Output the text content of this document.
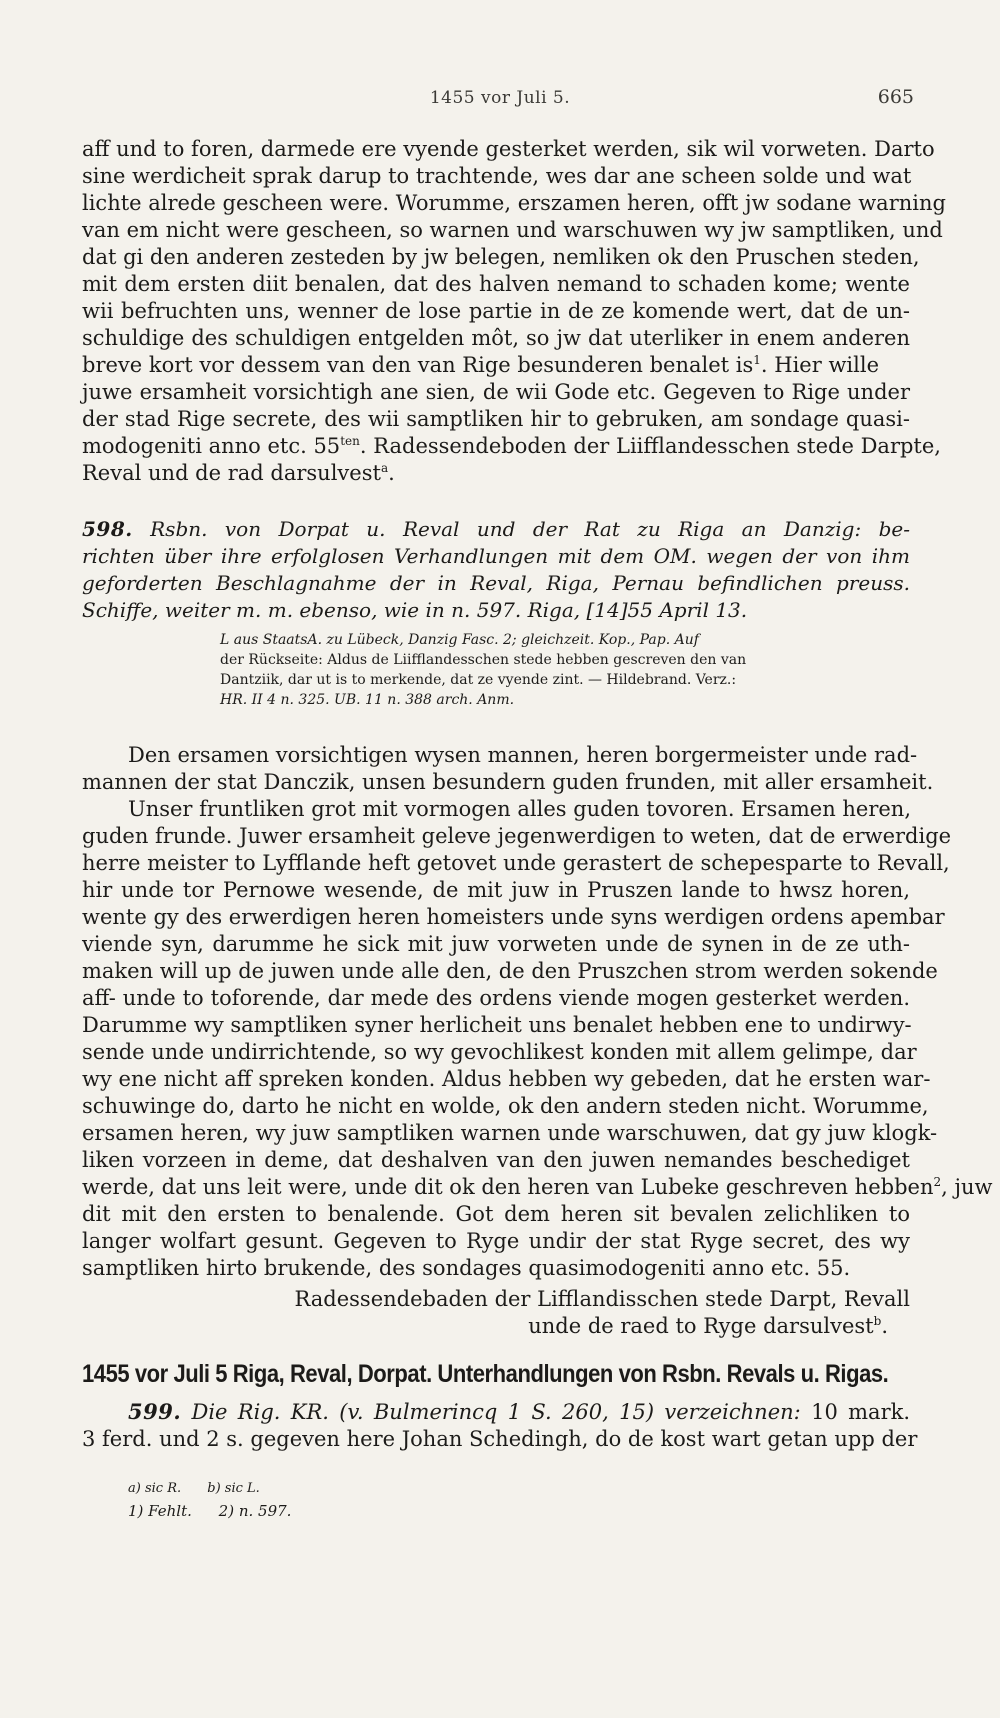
1455 vor Juli 5.	665
aff und to foren, darmede ere vyende gesterket werden, sik wil vorweten. Darto
sine werdicheit sprak darup to trachtende, wes dar ane scheen solde und wat
lichte alrede gescheen were. Worumme, erszamen heren, offt jw sodane warning
van em nicht were gescheen, so warnen und warschuwen wy jw samptliken, und
dat gi den anderen zesteden by jw belegen, nemliken ok den Pruschen steden,
mit dem ersten diit benalen, dat des halven nemand to schaden kome; wente
wii befruchten uns, wenner de lose partie in de ze komende wert, dat de un-
schuldige des schuldigen entgelden môt, so jw dat uterliker in enem anderen
breve kort vor dessem van den van Rige besunderen benalet $is^1$. Hier wille
juwe ersamheit vorsichtigh ane sien, de wii Gode etc. Gegeven to Rige under
der stad Rige secrete, des wii samptliken hir to gebruken, am sondage quasi-
modogeniti anno etc. $55^{ten}$. Radessendeboden der Liifflandesschen stede Darpte,
Reval und de rad darsulvest$^a$.
598. Rsbn. von Dorpat u. Reval und der Rat zu Riga an Danzig: be-
richten über ihre erfolglosen Verhandlungen mit dem OM. wegen der von ihm
geforderten Beschlagnahme der in Reval, Riga, Pernau befindlichen preuss.
Schiffe, weiter m. m. ebenso, wie in n. 597. Riga, [14]55 April 13.
L aus StaatsA. zu Lübeck, Danzig Fasc. 2; gleichzeit. Kop., Pap. Auf
der Rückseite: Aldus de Liifflandesschen stede hebben gescreven den van
Dantziik, dar ut is to merkende, dat ze vyende zint. — Hildebrand. Verz.:
HR. II 4 n. 325. UB. 11 n. 388 arch. Anm.
Den ersamen vorsichtigen wysen mannen, heren borgermeister unde rad-
mannen der stat Danczik, unsen besundern guden frunden, mit aller ersamheit.
Unser fruntliken grot mit vormogen alles guden tovoren. Ersamen heren,
guden frunde. Juwer ersamheit geleve jegenwerdigen to weten, dat de erwerdige
herre meister to Lyfflande heft getovet unde gerastert de schepesparte to Revall,
hir unde tor Pernowe wesende, de mit juw in Pruszen lande to hwsz horen,
wente gy des erwerdigen heren homeisters unde syns werdigen ordens apembar
viende syn, darumme he sick mit juw vorweten unde de synen in de ze uth-
maken will up de juwen unde alle den, de den Pruszchen strom werden sokende
aff- unde to toforende, dar mede des ordens viende mogen gesterket werden.
Darumme wy samptliken syner herlicheit uns benalet hebben ene to undirwy-
sende unde undirrichtende, so wy gevochlikest konden mit allem gelimpe, dar
wy ene nicht aff spreken konden. Aldus hebben wy gebeden, dat he ersten war-
schuwinge do, darto he nicht en wolde, ok den andern steden nicht. Worumme,
ersamen heren, wy juw samptliken warnen unde warschuwen, dat gy juw klogk-
liken vorzeen in deme, dat deshalven van den juwen nemandes beschediget
werde, dat uns leit were, unde dit ok den heren van Lubeke geschreven hebben$^2$, juw
dit mit den ersten to benalende. Got dem heren sit bevalen zelichliken to
langer wolfart gesunt. Gegeven to Ryge undir der stat Ryge secret, des wy
samptliken hirto brukende, des sondages quasimodogeniti anno etc. 55.
Radessendebaden der Lifflandisschen stede Darpt, Revall
unde de raed to Ryge darsulvest$^b$.
1455 vor Juli 5 Riga, Reval, Dorpat. Unterhandlungen von Rsbn. Revals u. Rigas.
599. Die Rig. KR. (v. Bulmerincq 1 S. 260, 15) verzeichnen: 10 mark.
3 ferd. und 2 s. gegeven here Johan Schedingh, do de kost wart getan upp der
a) sic R. b) sic L.
1) Fehlt. 2) n. 597.
